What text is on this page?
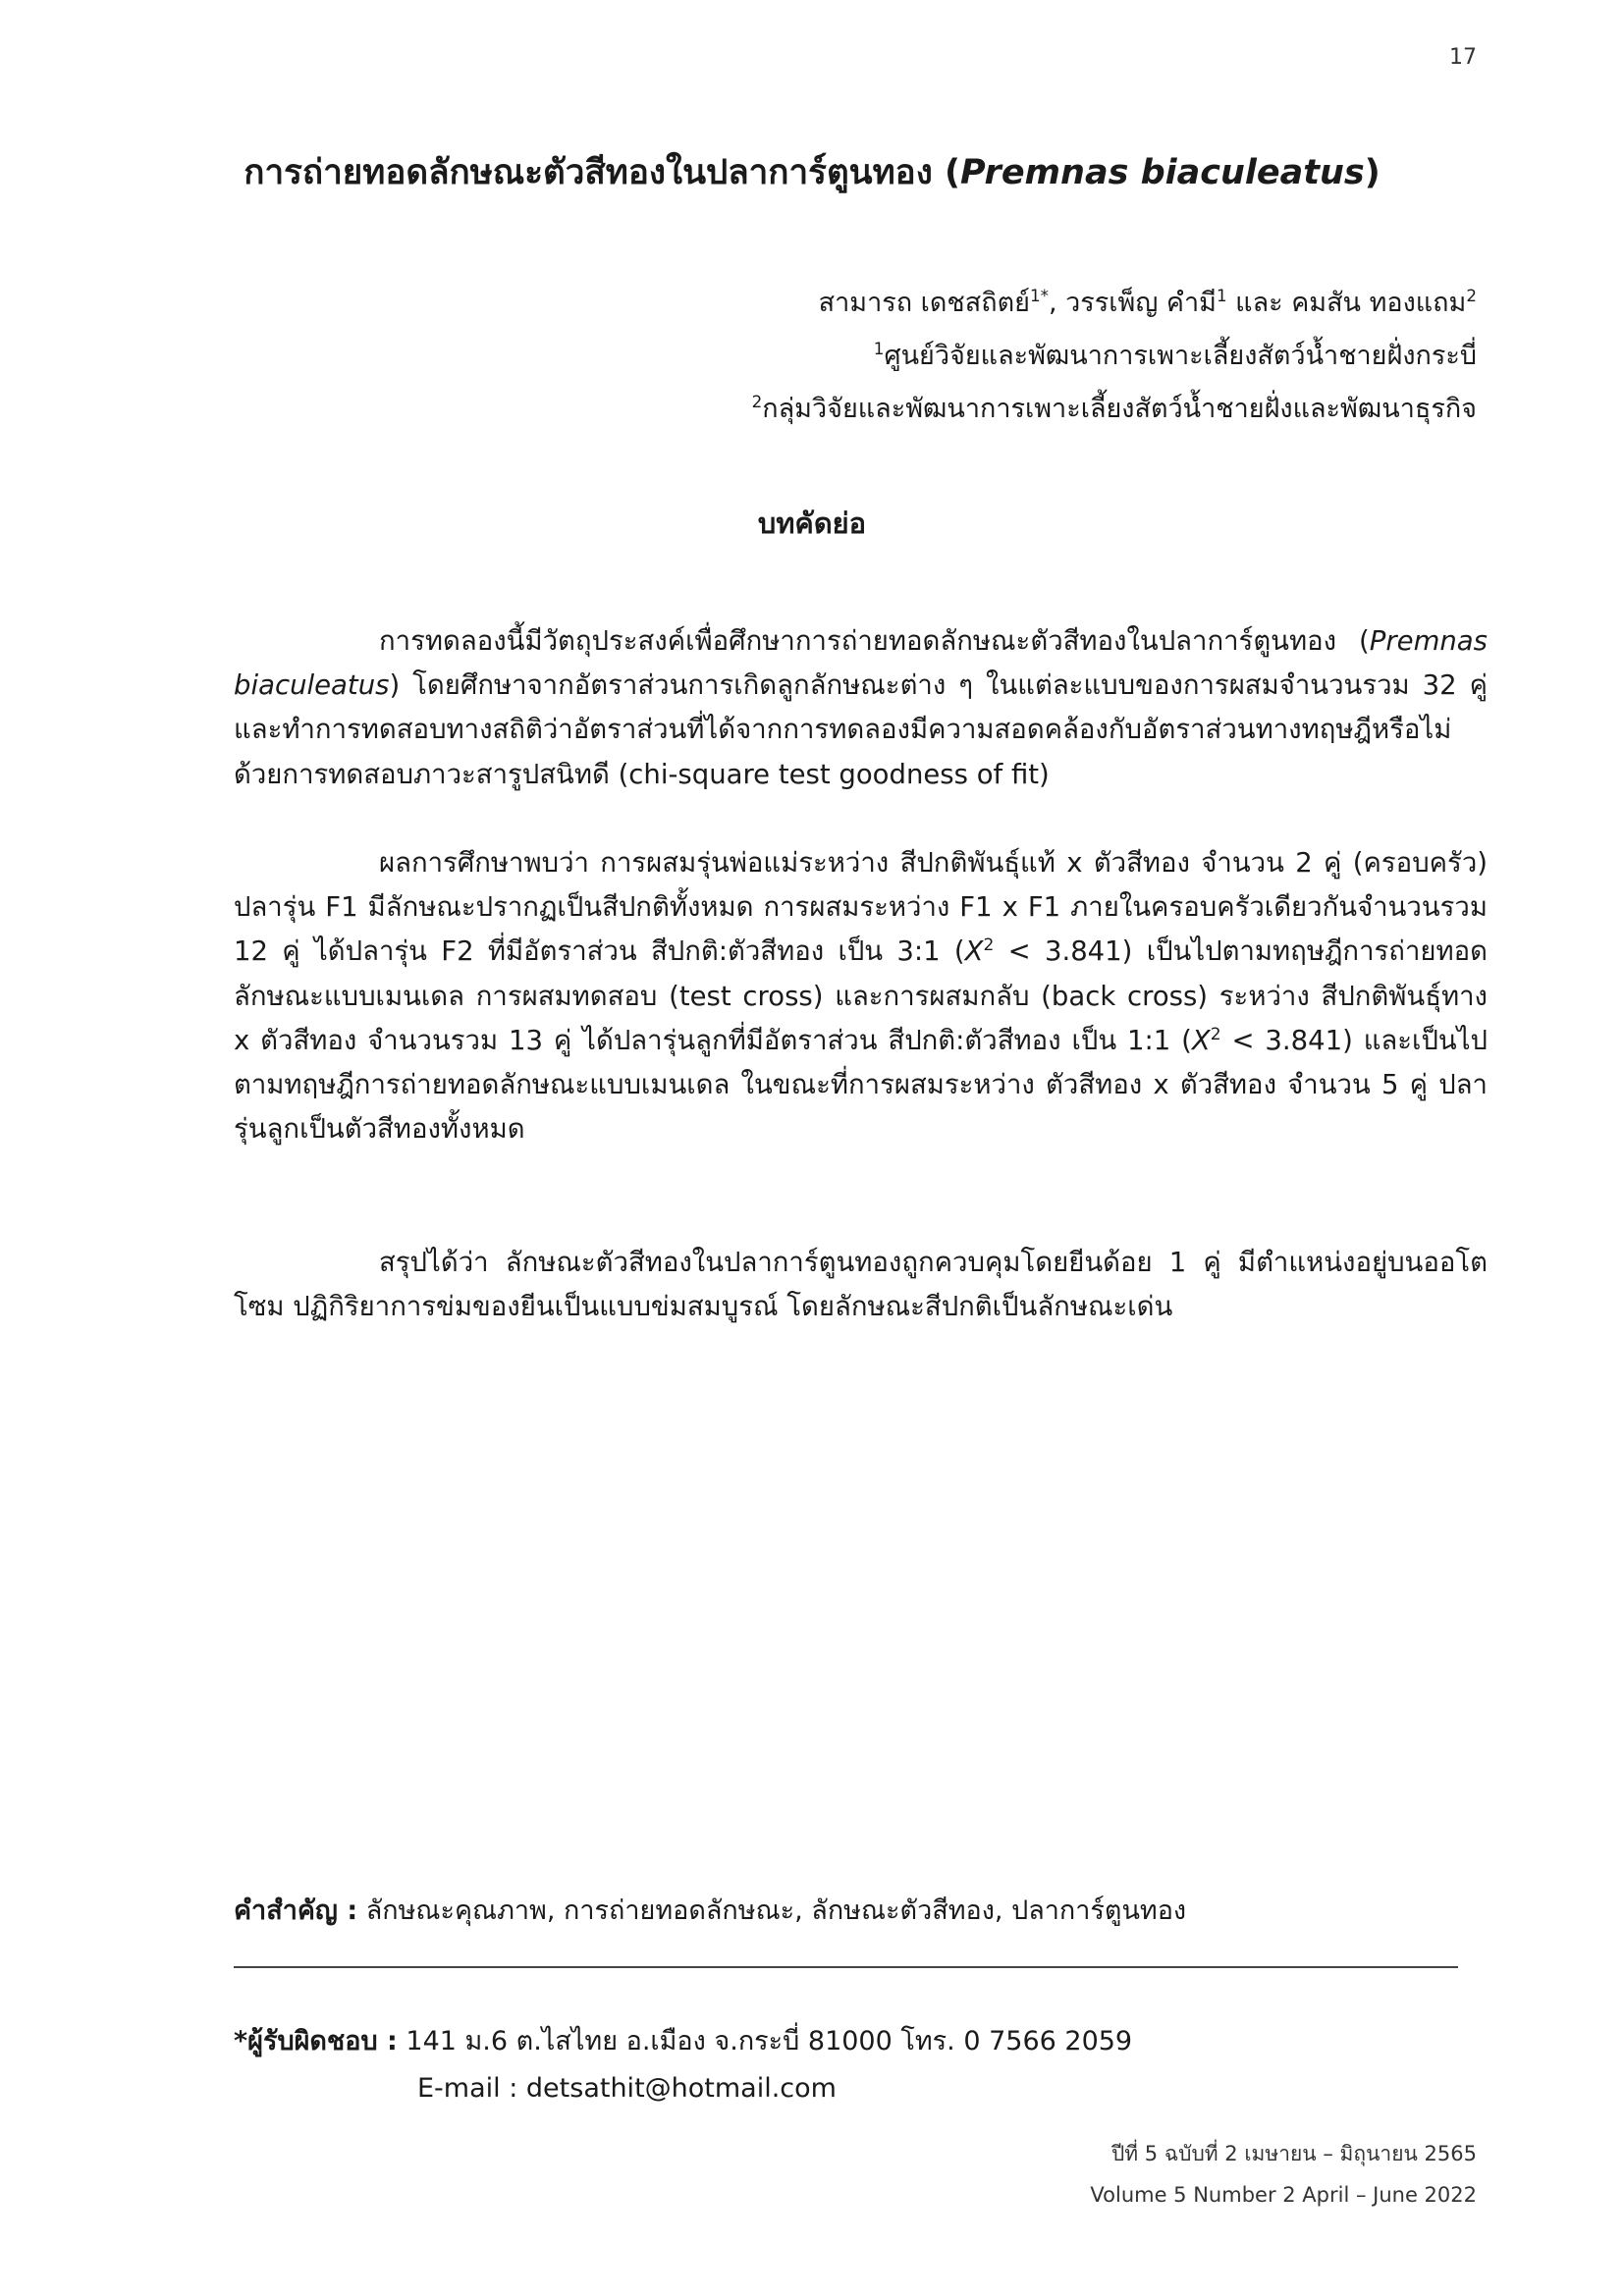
17
การถ่ายทอดลักษณะตัวสีทองในปลาการ์ตูนทอง (Premnas biaculeatus)
สามารถ เดชสถิตย์$^{1*}$, วรรเพ็ญ คำมี$^1$ และ คมสัน ทองแถม$^2$
$^1$ศูนย์วิจัยและพัฒนาการเพาะเลี้ยงสัตว์น้ำชายฝั่งกระบี่
$^2$กลุ่มวิจัยและพัฒนาการเพาะเลี้ยงสัตว์น้ำชายฝั่งและพัฒนาธุรกิจ
บทคัดย่อ

การทดลองนี้มีวัตถุประสงค์เพื่อศึกษาการถ่ายทอดลักษณะตัวสีทองในปลาการ์ตูนทอง (Premnas biaculeatus) โดยศึกษาจากอัตราส่วนการเกิดลูกลักษณะต่าง ๆ ในแต่ละแบบของการผสมจำนวนรวม 32 คู่ และทำการทดสอบทางสถิติว่าอัตราส่วนที่ได้จากการทดลองมีความสอดคล้องกับอัตราส่วนทางทฤษฎีหรือไม่ ด้วยการทดสอบภาวะสารูปสนิทดี (chi-square test goodness of fit)

ผลการศึกษาพบว่า การผสมรุ่นพ่อแม่ระหว่าง สีปกติพันธุ์แท้ x ตัวสีทอง จำนวน 2 คู่ (ครอบครัว) ปลารุ่น F1 มีลักษณะปรากฏเป็นสีปกติทั้งหมด การผสมระหว่าง F1 x F1 ภายในครอบครัวเดียวกันจำนวนรวม 12 คู่ ได้ปลารุ่น F2 ที่มีอัตราส่วน สีปกติ:ตัวสีทอง เป็น 3:1 $(X^2 < 3.841)$ เป็นไปตามทฤษฎีการถ่ายทอดลักษณะแบบเมนเดล การผสมทดสอบ (test cross) และการผสมกลับ (back cross) ระหว่าง สีปกติพันธุ์ทาง x ตัวสีทอง จำนวนรวม 13 คู่ ได้ปลารุ่นลูกที่มีอัตราส่วน สีปกติ:ตัวสีทอง เป็น 1:1 $(X^2 < 3.841)$ และเป็นไปตามทฤษฎีการถ่ายทอดลักษณะแบบเมนเดล ในขณะที่การผสมระหว่าง ตัวสีทอง x ตัวสีทอง จำนวน 5 คู่ ปลารุ่นลูกเป็นตัวสีทองทั้งหมด

สรุปได้ว่า ลักษณะตัวสีทองในปลาการ์ตูนทองถูกควบคุมโดยยีนด้อย 1 คู่ มีตำแหน่งอยู่บนออโตโซม ปฏิกิริยาการข่มของยีนเป็นแบบข่มสมบูรณ์ โดยลักษณะสีปกติเป็นลักษณะเด่น

คำสำคัญ : ลักษณะคุณภาพ, การถ่ายทอดลักษณะ, ลักษณะตัวสีทอง, ปลาการ์ตูนทอง
*ผู้รับผิดชอบ : 141 ม.6 ต.ไสไทย อ.เมือง จ.กระบี่ 81000 โทร. 0 7566 2059
E-mail : detsathit@hotmail.com
ปีที่ 5 ฉบับที่ 2 เมษายน – มิถุนายน 2565
Volume 5 Number 2 April – June 2022
